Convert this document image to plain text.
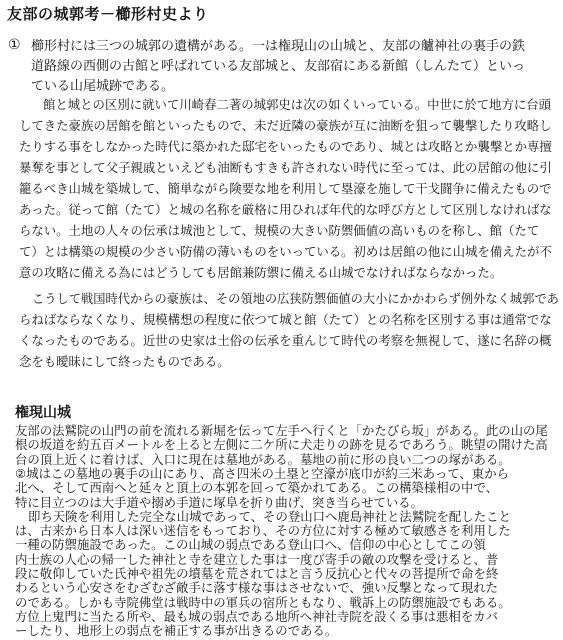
友部の城郭考－櫛形村史より
① 櫛形村には三つの城郭の遺構がある。一は権現山の山城と、友部の艫神社の裏手の鉄
道路線の西側の古館と呼ばれている友部城と、友部宿にある新館（しんたて）といっ
ている山尾城跡である。
館と城との区別に就いて川崎春二著の城郭史は次の如くいっている。中世に於て地方に台頭
してきた豪族の居館を館といったもので、未だ近隣の豪族が互に油断を狙って襲撃したり攻略し
たりする事をしなかった時代に築かれた邸宅をいったものであり、城とは攻略とか襲撃とか専擅
暴奪を事として父子親戚といえども油断もすきも許されない時代に至っては、此の居館の他に引
籠るべき山城を築城して、簡単ながら険要な地を利用して塁濠を施して干戈闘争に備えたもので
あった。従って館（たて）と城の名称を厳格に用ひれば年代的な呼び方として区別しなければな
らない。土地の人々の伝承は城池として、規模の大きい防禦価値の高いものを称し、館（たて
て）とは構築の規模の少さい防備の薄いものをいっている。初めは居館の他に山城を備えたが不
意の攻略に備える為にはどうしても居館兼防禦に備える山城でなければならなかった。
こうして戦国時代からの豪族は、その領地の広狭防禦価値の大小にかかわらず例外なく城郭であ
らねばならなくなり、規模構想の程度に依つて城と館（たて）との名称を区別する事は通常でな
くなったものである。近世の史家は土俗の伝承を重んじて時代の考察を無視して、遂に名辞の概
念をも曖昧にして終ったものである。
権現山城
友部の法鷲院の山門の前を流れる新堀を伝って左手へ行くと「かたびら坂」がある。此の山の尾
根の坂道を約五百メートルを上ると左側に二ケ所に犬走りの跡を見るであろう。眺望の開けた高
台の頂上近くに着けば、入口に現在は墓地がある。墓地の前に形の良い二つの塚がある。
②城はこの墓地の裏手の山にあり、高さ四米の土塁と空濠が底巾が約三米あって、東から
北へ、そして西南へと延々と頂上の本郭を回って築かれてある。この構築様相の中で、
特に目立つのは大手道や搦め手道に塚阜を折り曲げ、突き当らせている。
即ち天険を利用した完全な山城であって、その登山口へ鹿島神社と法鷲院を配したこと
は、古来から日本人は深い迷信をもっており、その方位に対する極めて敏感さを利用した
一種の防禦施設であった。この山城の弱点である登山口へ、信仰の中心としてこの領
内士族の人心の帰一した神社と寺を建立した事は一度び寄手の敵の攻撃を受けると、普
段に敬仰していた氏神や祖先の墳墓を荒されてはと言う反抗心と代々の菩提所で命を終
わるという心安さをむざむざ敵手に落す様な事はさせないで、強い反撃となって現れた
のである。しかも寺院佛堂は戦時中の軍兵の宿所ともなり、戦訴上の防禦施設でもある。
方位上鬼門に当たる所や、最も城の弱点である地所へ神社寺院を設くる事は悪相をカバ
ーしたり、地形上の弱点を補正する事が出きるのである。
